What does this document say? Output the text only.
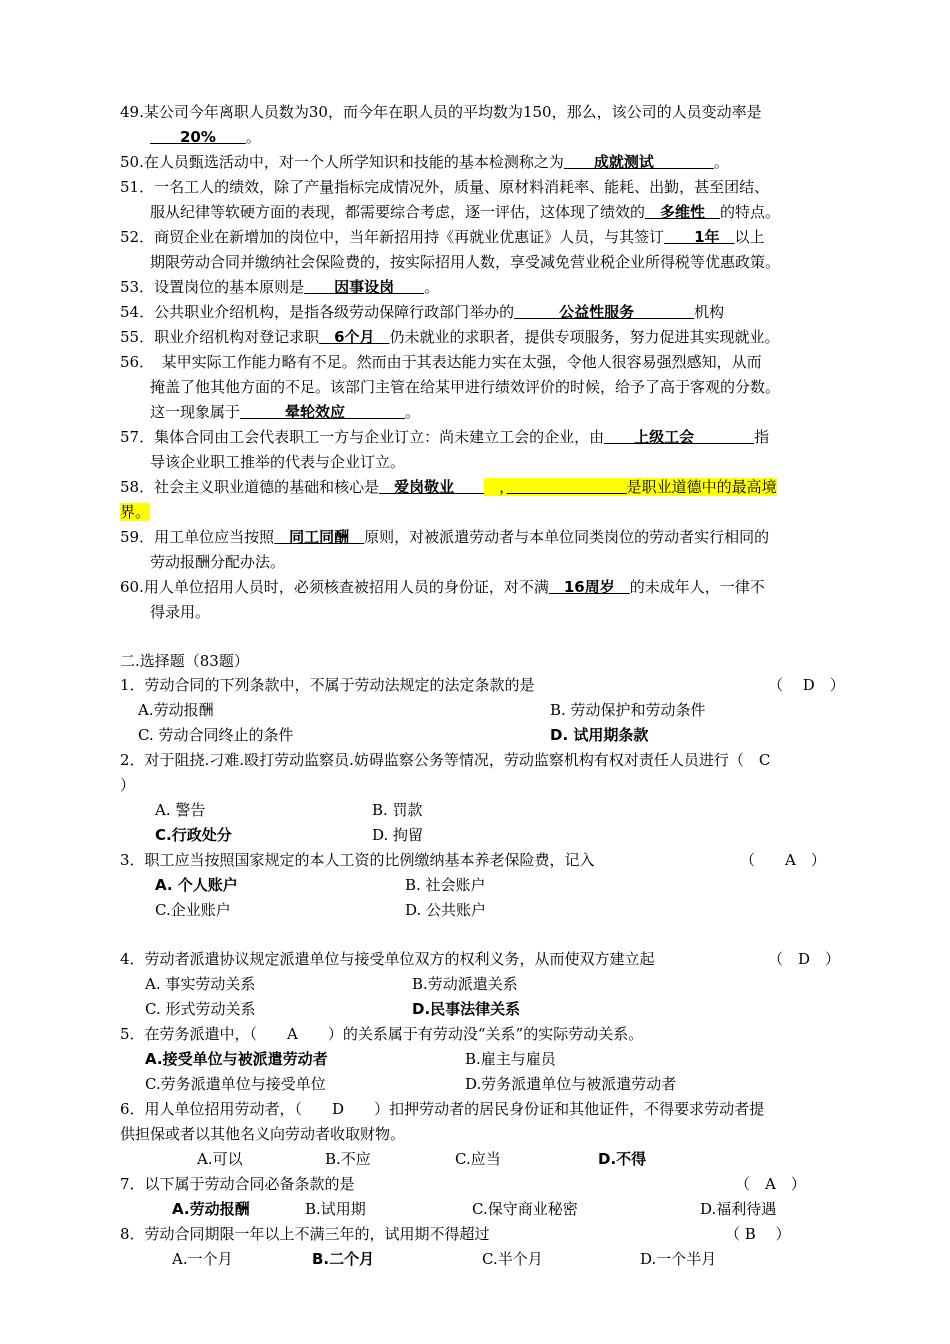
49.某公司今年离职人员数为30，而今年在职人员的平均数为150，那么，该公司的人员变动率是
　　20%　　。
50.在人员甄选活动中，对一个人所学知识和技能的基本检测称之为　　成就测试　　　　。
51．一名工人的绩效，除了产量指标完成情况外，质量、原材料消耗率、能耗、出勤，甚至团结、
服从纪律等软硬方面的表现，都需要综合考虑，逐一评估，这体现了绩效的　多维性　的特点。
52．商贸企业在新增加的岗位中，当年新招用持《再就业优惠证》人员，与其签订　　1年　以上
期限劳动合同并缴纳社会保险费的，按实际招用人数，享受减免营业税企业所得税等优惠政策。
53．设置岗位的基本原则是　　因事设岗　　。
54．公共职业介绍机构，是指各级劳动保障行政部门举办的　　　公益性服务　　　　机构
55．职业介绍机构对登记求职　6个月　仍未就业的求职者，提供专项服务，努力促进其实现就业。
56．　某甲实际工作能力略有不足。然而由于其表达能力实在太强，令他人很容易强烈感知，从而
掩盖了他其他方面的不足。该部门主管在给某甲进行绩效评价的时候，给予了高于客观的分数。
这一现象属于　　　晕轮效应　　　　。
57．集体合同由工会代表职工一方与企业订立：尚未建立工会的企业，由　　上级工会　　　　指
导该企业职工推举的代表与企业订立。
58．社会主义职业道德的基础和核心是　爱岗敬业　　　，　　　　　　　　	是职业道德中的最高境
界。
59．用工单位应当按照　同工同酬　原则，对被派遣劳动者与本单位同类岗位的劳动者实行相同的
劳动报酬分配办法。
60.用人单位招用人员时，必须核查被招用人员的身份证，对不满　16周岁　的未成年人，一律不
得录用。
二.选择题（83题）
1．劳动合同的下列条款中，不属于劳动法规定的法定条款的是	（　 D　）
A.劳动报酬	B. 劳动保护和劳动条件
C. 劳动合同终止的条件	D. 试用期条款
2．对于阻挠.刁难.殴打劳动监察员.妨碍监察公务等情况，劳动监察机构有权对责任人员进行（　C
）
A. 警告	B. 罚款
C.行政处分	D. 拘留
3．职工应当按照国家规定的本人工资的比例缴纳基本养老保险费，记入	（　　A　）
A. 个人账户	B. 社会账户
C.企业账户	D. 公共账户
4．劳动者派遣协议规定派遣单位与接受单位双方的权利义务，从而使双方建立起	（　D　）
A. 事实劳动关系	B.劳动派遣关系
C. 形式劳动关系	D.民事法律关系
5．在劳务派遣中，（　　A　　）的关系属于有劳动没“关系”的实际劳动关系。
A.接受单位与被派遣劳动者	B.雇主与雇员
C.劳务派遣单位与接受单位	D.劳务派遣单位与被派遣劳动者
6．用人单位招用劳动者，（　　D　　）扣押劳动者的居民身份证和其他证件，不得要求劳动者提
供担保或者以其他名义向劳动者收取财物。
A.可以	B.不应	C.应当	D.不得
7．以下属于劳动合同必备条款的是	（　A　）
A.劳动报酬	B.试用期	C.保守商业秘密	D.福利待遇
8．劳动合同期限一年以上不满三年的，试用期不得超过	（ B　 ）
A.一个月	B.二个月	C.半个月	D.一个半月
